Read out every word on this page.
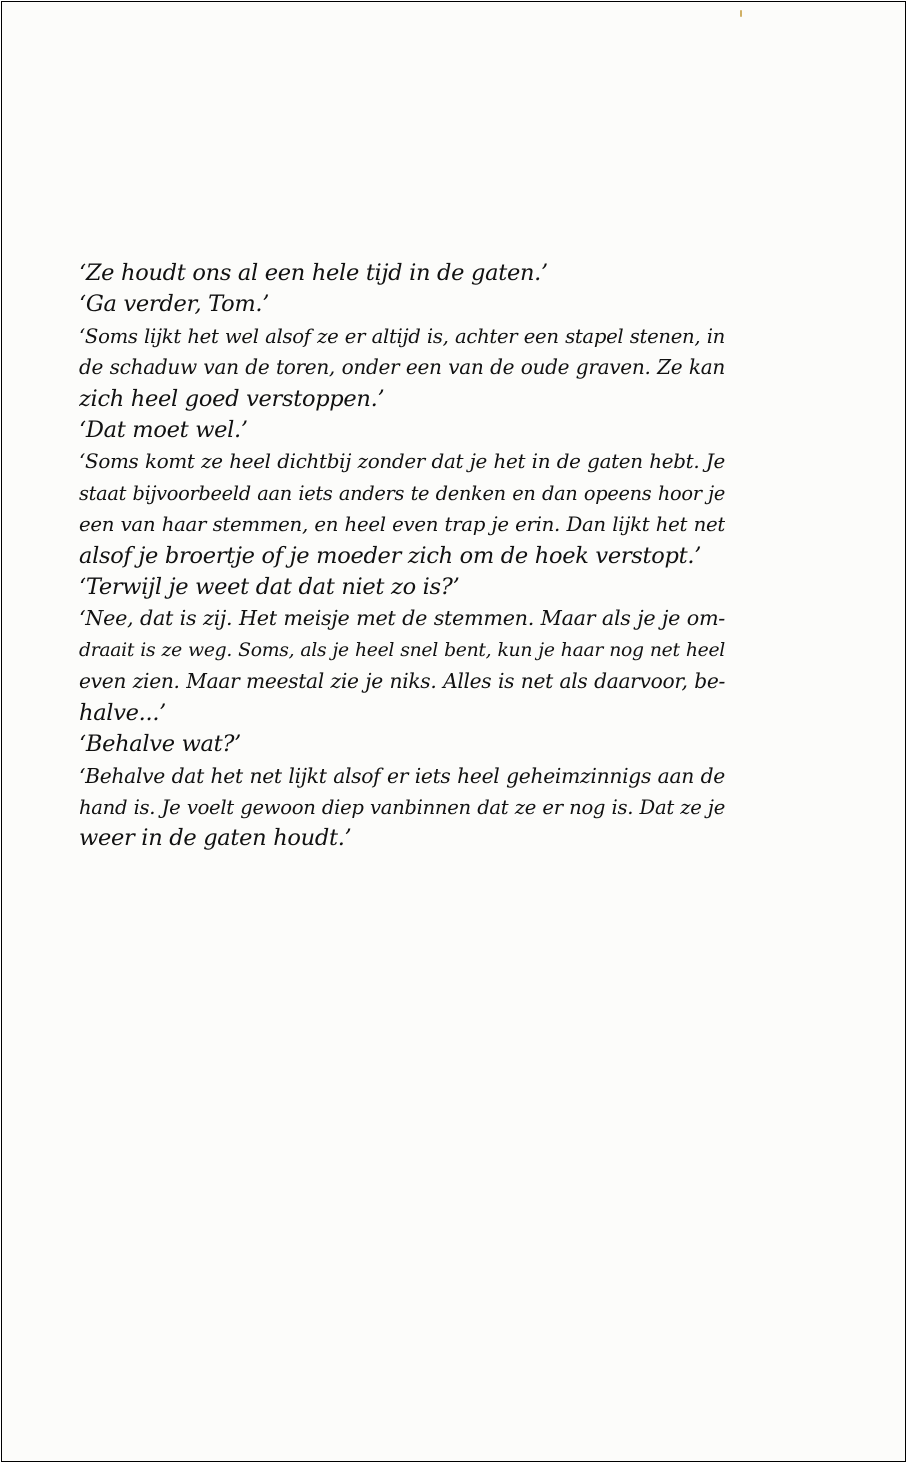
‘Ze houdt ons al een hele tijd in de gaten.’
‘Ga verder, Tom.’
‘Soms lijkt het wel alsof ze er altijd is, achter een stapel stenen, in
de schaduw van de toren, onder een van de oude graven. Ze kan
zich heel goed verstoppen.’
‘Dat moet wel.’
‘Soms komt ze heel dichtbij zonder dat je het in de gaten hebt. Je
staat bijvoorbeeld aan iets anders te denken en dan opeens hoor je
een van haar stemmen, en heel even trap je erin. Dan lijkt het net
alsof je broertje of je moeder zich om de hoek verstopt.’
‘Terwijl je weet dat dat niet zo is?’
‘Nee, dat is zij. Het meisje met de stemmen. Maar als je je om-
draait is ze weg. Soms, als je heel snel bent, kun je haar nog net heel
even zien. Maar meestal zie je niks. Alles is net als daarvoor, be-
halve...’
‘Behalve wat?’
‘Behalve dat het net lijkt alsof er iets heel geheimzinnigs aan de
hand is. Je voelt gewoon diep vanbinnen dat ze er nog is. Dat ze je
weer in de gaten houdt.’
